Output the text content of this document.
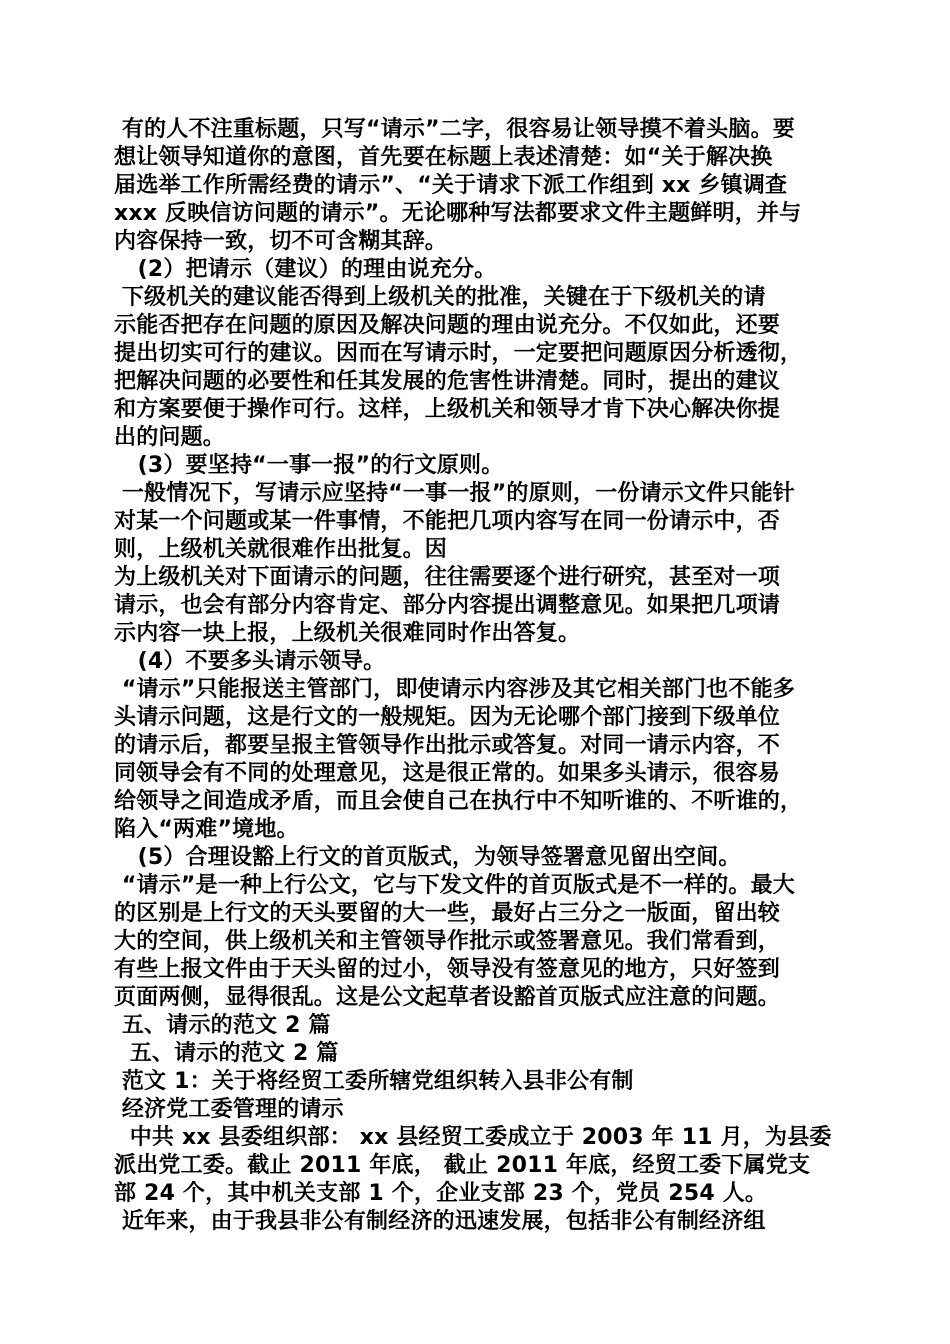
有的人不注重标题，只写“请示”二字，很容易让领导摸不着头脑。要

想让领导知道你的意图，首先要在标题上表述清楚：如“关于解决换

届选举工作所需经费的请示”、“关于请求下派工作组到 xx 乡镇调查

xxx 反映信访问题的请示”。无论哪种写法都要求文件主题鲜明，并与

内容保持一致，切不可含糊其辞。

(2）把请示（建议）的理由说充分。

下级机关的建议能否得到上级机关的批准，关键在于下级机关的请

示能否把存在问题的原因及解决问题的理由说充分。不仅如此，还要

提出切实可行的建议。因而在写请示时，一定要把问题原因分析透彻，

把解决问题的必要性和任其发展的危害性讲清楚。同时，提出的建议

和方案要便于操作可行。这样，上级机关和领导才肯下决心解决你提

出的问题。

(3）要坚持“一事一报”的行文原则。

一般情况下，写请示应坚持“一事一报”的原则，一份请示文件只能针

对某一个问题或某一件事情，不能把几项内容写在同一份请示中，否

则，上级机关就很难作出批复。因

为上级机关对下面请示的问题，往往需要逐个进行研究，甚至对一项

请示，也会有部分内容肯定、部分内容提出调整意见。如果把几项请

示内容一块上报，上级机关很难同时作出答复。

(4）不要多头请示领导。

“请示”只能报送主管部门，即使请示内容涉及其它相关部门也不能多

头请示问题，这是行文的一般规矩。因为无论哪个部门接到下级单位

的请示后，都要呈报主管领导作出批示或答复。对同一请示内容，不

同领导会有不同的处理意见，这是很正常的。如果多头请示，很容易

给领导之间造成矛盾，而且会使自己在执行中不知听谁的、不听谁的，

陷入“两难”境地。

(5）合理设豁上行文的首页版式，为领导签署意见留出空间。

“请示”是一种上行公文，它与下发文件的首页版式是不一样的。最大

的区别是上行文的天头要留的大一些，最好占三分之一版面，留出较

大的空间，供上级机关和主管领导作批示或签署意见。我们常看到，

有些上报文件由于天头留的过小，领导没有签意见的地方，只好签到

页面两侧，显得很乱。这是公文起草者设豁首页版式应注意的问题。

五、请示的范文 2 篇

五、请示的范文 2 篇

范文 1：关于将经贸工委所辖党组织转入县非公有制

经济党工委管理的请示

中共 xx 县委组织部： xx 县经贸工委成立于 2003 年 11 月，为县委

派出党工委。截止 2011 年底， 截止 2011 年底，经贸工委下属党支

部 24 个，其中机关支部 1 个，企业支部 23 个，党员 254 人。

近年来，由于我县非公有制经济的迅速发展，包括非公有制经济组
